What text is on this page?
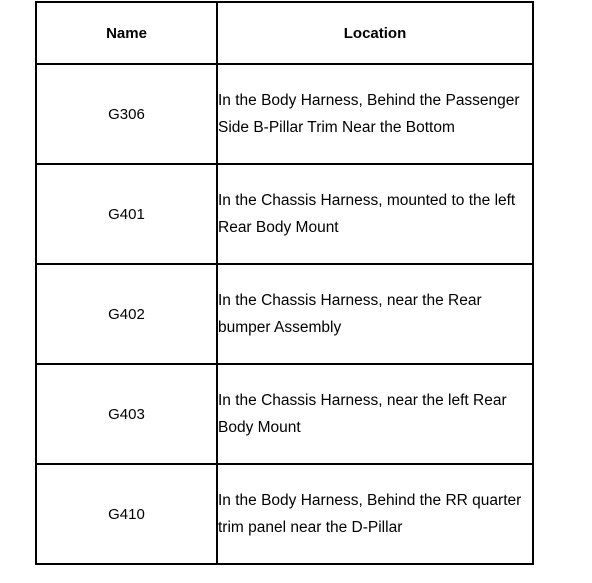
Name	Location
G306	In the Body Harness, Behind the Passenger Side B-Pillar Trim Near the Bottom
G401	In the Chassis Harness, mounted to the left Rear Body Mount
G402	In the Chassis Harness, near the Rear bumper Assembly
G403	In the Chassis Harness, near the left Rear Body Mount
G410	In the Body Harness, Behind the RR quarter trim panel near the D-Pillar
